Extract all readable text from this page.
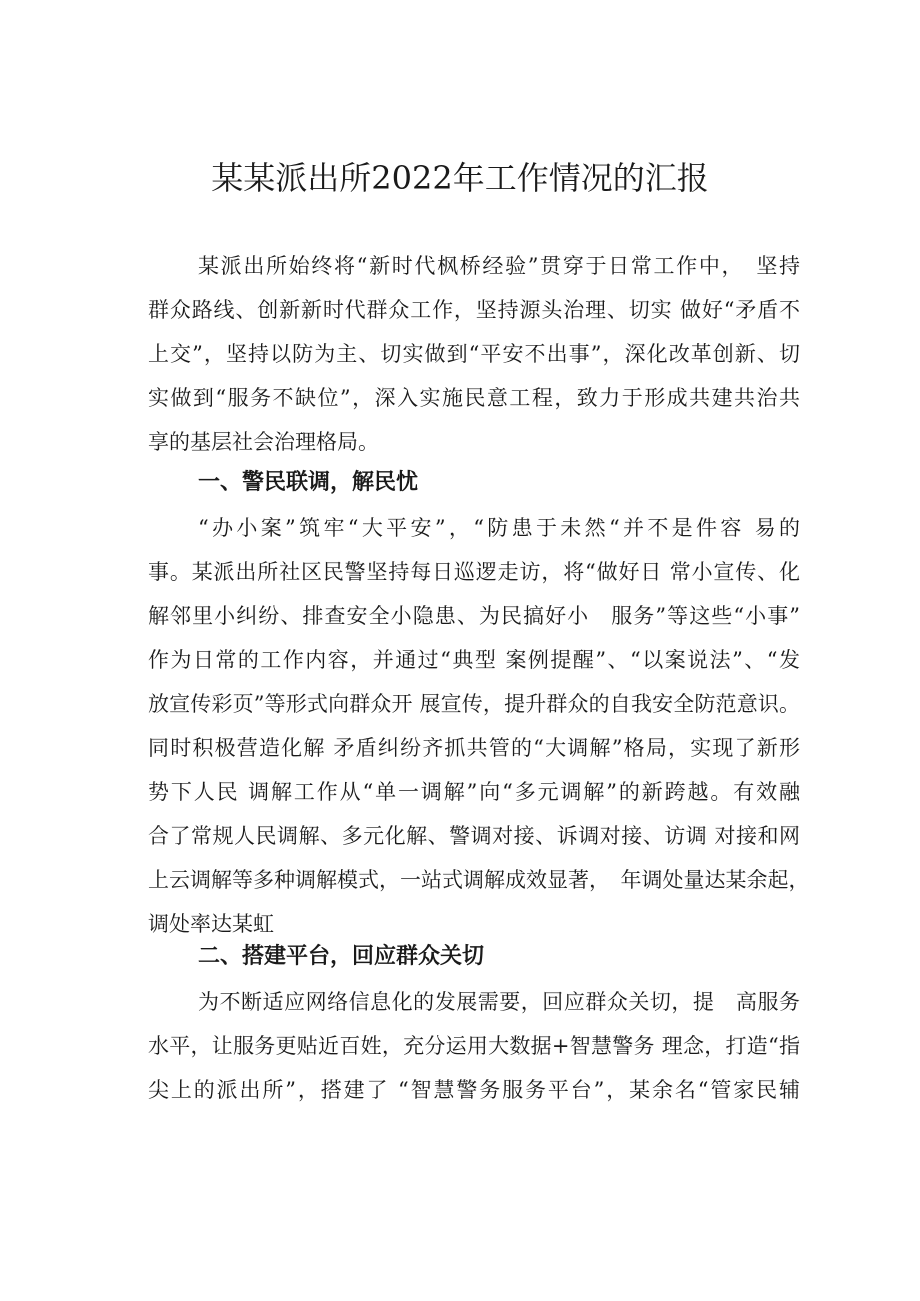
某某派出所2022年工作情况的汇报
某派出所始终将“新时代枫桥经验”贯穿于日常工作中，　坚持
群众路线、创新新时代群众工作，坚持源头治理、切实 做好“矛盾不
上交”，坚持以防为主、切实做到“平安不出事”，深化改革创新、切
实做到“服务不缺位”，深入实施民意工程，致力于形成共建共治共
享的基层社会治理格局。
一、警民联调，解民忧
“办小案”筑牢“大平安”，“防患于未然“并不是件容 易的
事。某派出所社区民警坚持每日巡逻走访，将“做好日 常小宣传、化
解邻里小纠纷、排查安全小隐患、为民搞好小　服务”等这些“小事”
作为日常的工作内容，并通过“典型 案例提醒”、“以案说法”、“发
放宣传彩页”等形式向群众开 展宣传，提升群众的自我安全防范意识。
同时积极营造化解 矛盾纠纷齐抓共管的“大调解”格局，实现了新形
势下人民 调解工作从“单一调解”向“多元调解”的新跨越。有效融
合了常规人民调解、多元化解、警调对接、诉调对接、访调 对接和网
上云调解等多种调解模式，一站式调解成效显著，　年调处量达某余起，
调处率达某虹
二、搭建平台，回应群众关切
为不断适应网络信息化的发展需要，回应群众关切，提　高服务
水平，让服务更贴近百姓，充分运用大数据+智慧警务 理念，打造“指
尖上的派出所”，搭建了 “智慧警务服务平台”，某余名“管家民辅
